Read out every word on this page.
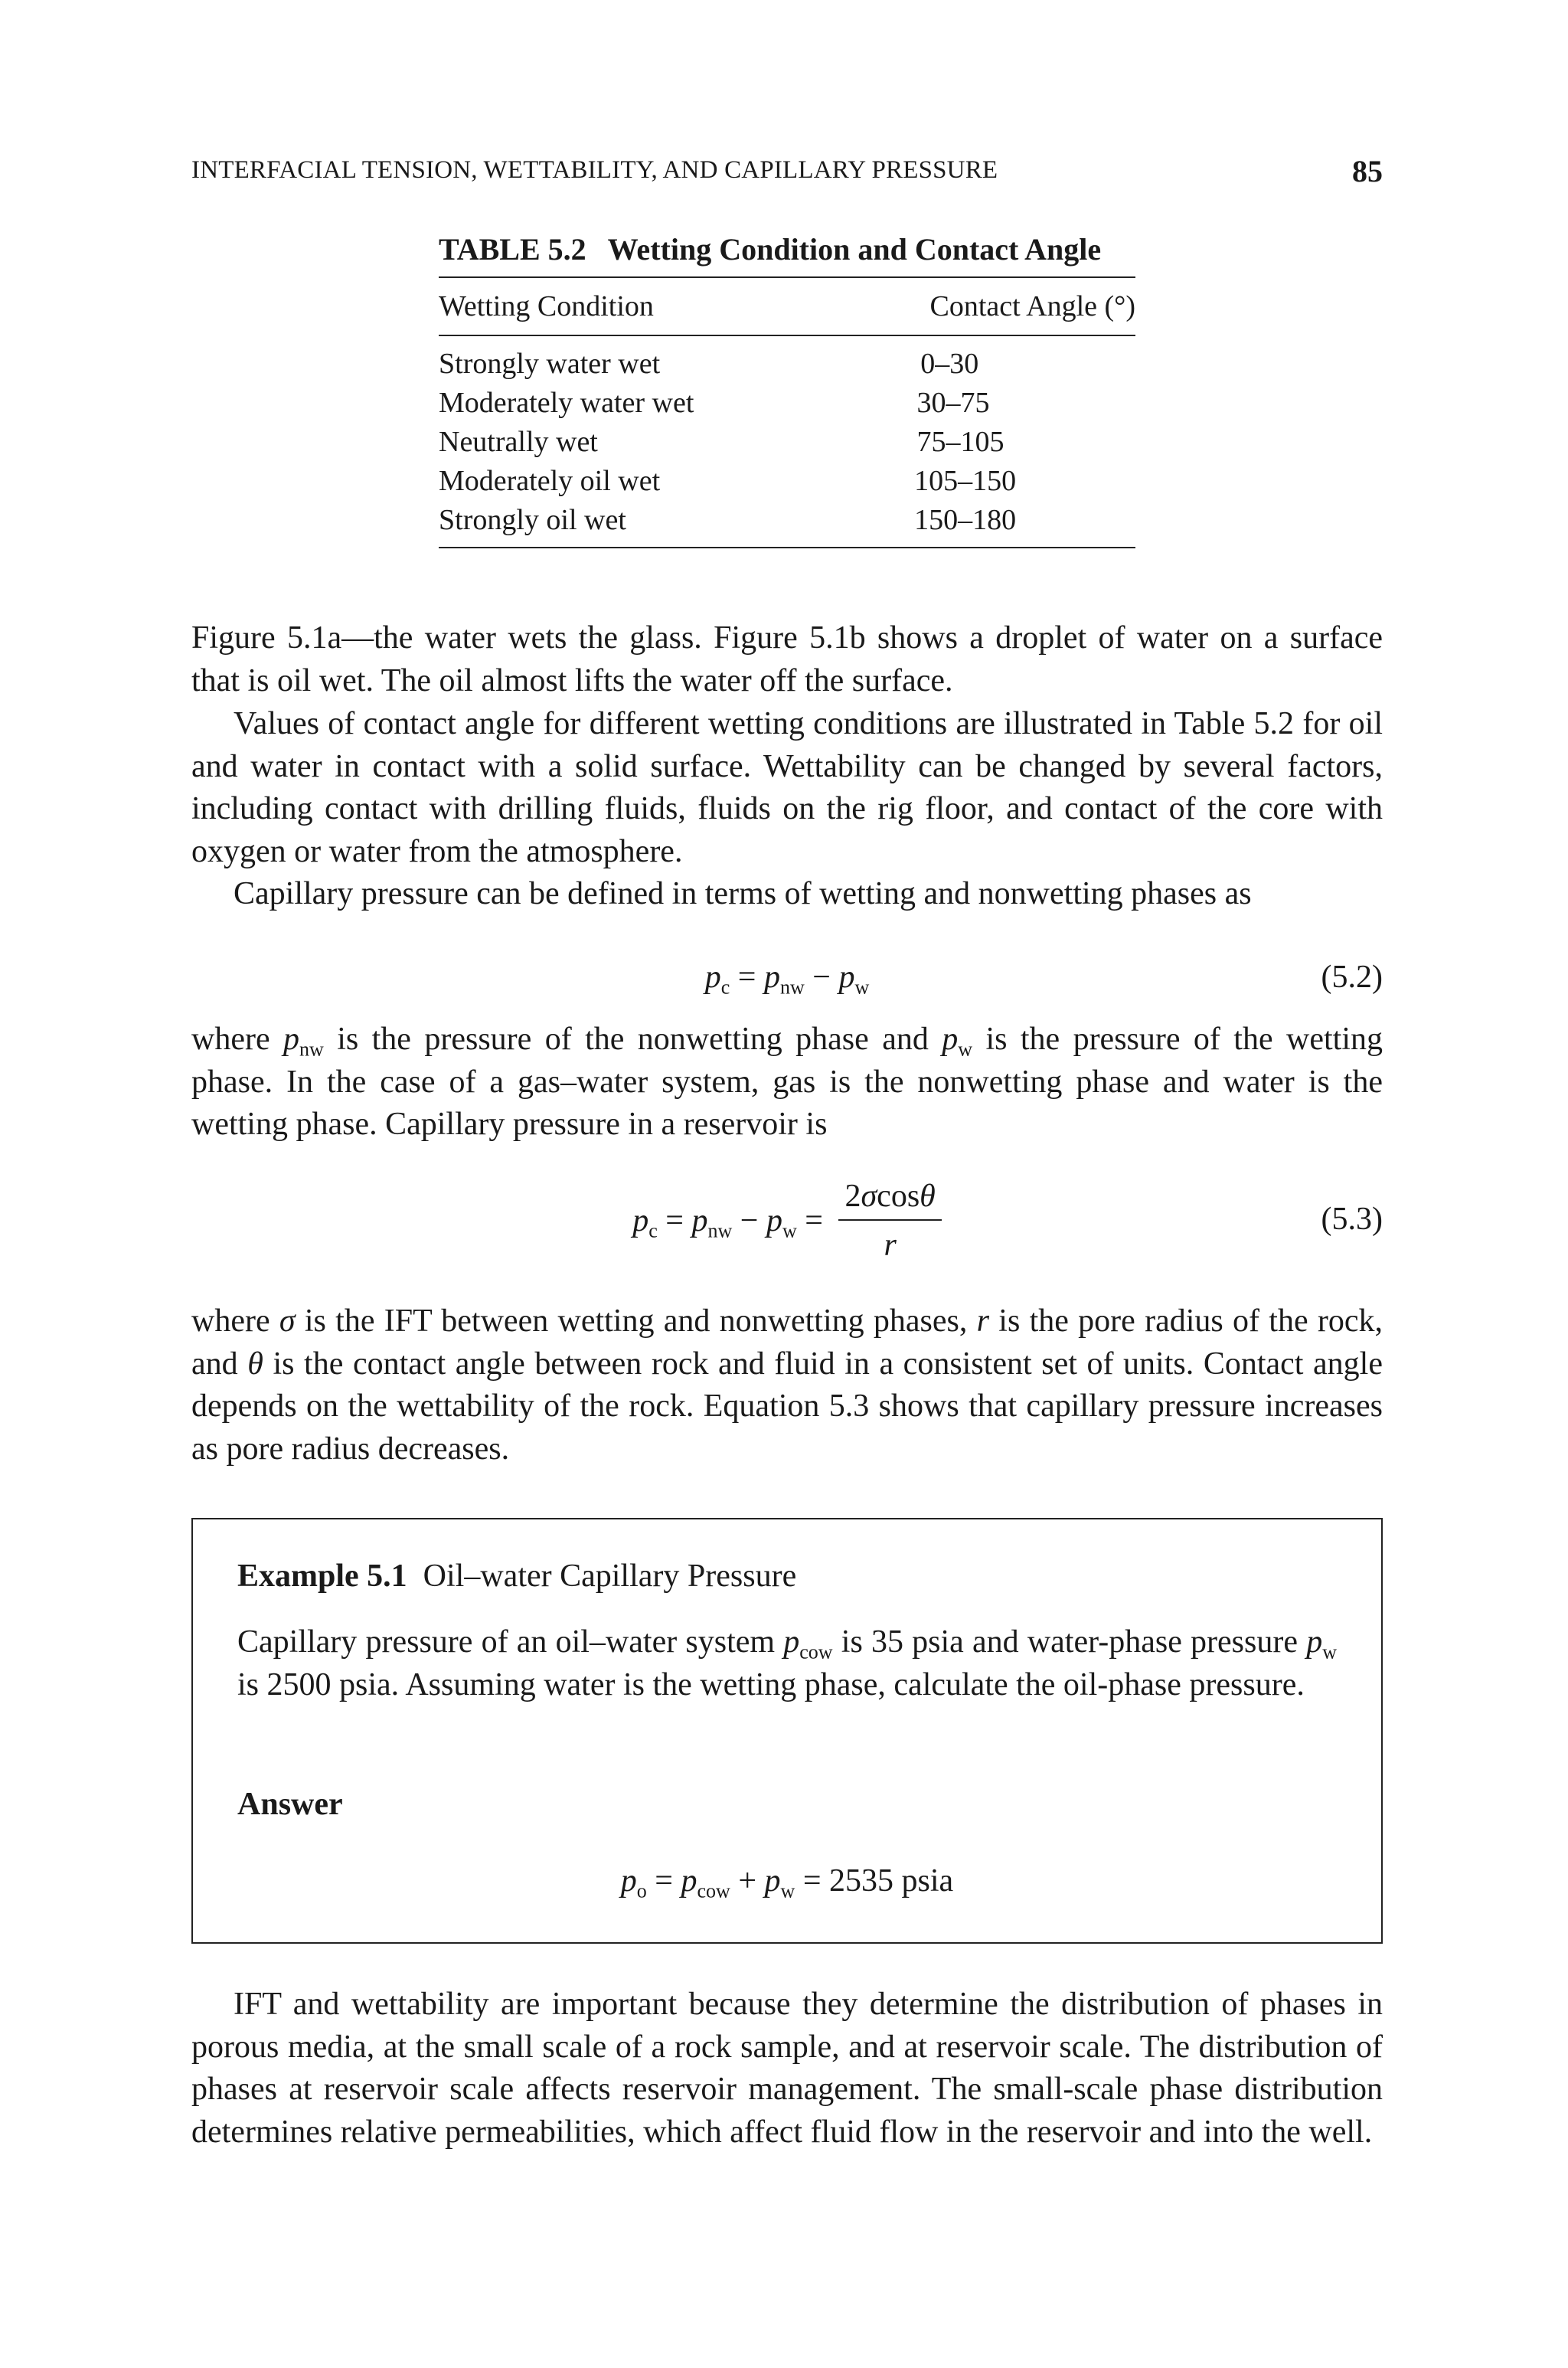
INTERFACIAL TENSION, WETTABILITY, AND CAPILLARY PRESSURE	85
TABLE 5.2 Wetting Condition and Contact Angle
Wetting Condition	Contact Angle (°)
Strongly water wet	0–30
Moderately water wet	30–75
Neutrally wet	75–105
Moderately oil wet	105–150
Strongly oil wet	150–180
Figure 5.1a—the water wets the glass. Figure 5.1b shows a droplet of water on a surface that is oil wet. The oil almost lifts the water off the surface.
Values of contact angle for different wetting conditions are illustrated in Table 5.2 for oil and water in contact with a solid surface. Wettability can be changed by several factors, including contact with drilling fluids, fluids on the rig floor, and contact of the core with oxygen or water from the atmosphere.
Capillary pressure can be defined in terms of wetting and nonwetting phases as
$p_c = p_{nw} - p_w$	(5.2)
where $p_{nw}$ is the pressure of the nonwetting phase and $p_w$ is the pressure of the wetting phase. In the case of a gas–water system, gas is the nonwetting phase and water is the wetting phase. Capillary pressure in a reservoir is
$p_c = p_{nw} - p_w = \frac{2\sigma\cos\theta}{r}$	(5.3)
where σ is the IFT between wetting and nonwetting phases, r is the pore radius of the rock, and θ is the contact angle between rock and fluid in a consistent set of units. Contact angle depends on the wettability of the rock. Equation 5.3 shows that capillary pressure increases as pore radius decreases.
Example 5.1 Oil–water Capillary Pressure
Capillary pressure of an oil–water system $p_{cow}$ is 35 psia and water-phase pressure $p_w$ is 2500 psia. Assuming water is the wetting phase, calculate the oil-phase pressure.
Answer
$p_o = p_{cow} + p_w = 2535$ psia
IFT and wettability are important because they determine the distribution of phases in porous media, at the small scale of a rock sample, and at reservoir scale. The distribution of phases at reservoir scale affects reservoir management. The small-scale phase distribution determines relative permeabilities, which affect fluid flow in the reservoir and into the well.
